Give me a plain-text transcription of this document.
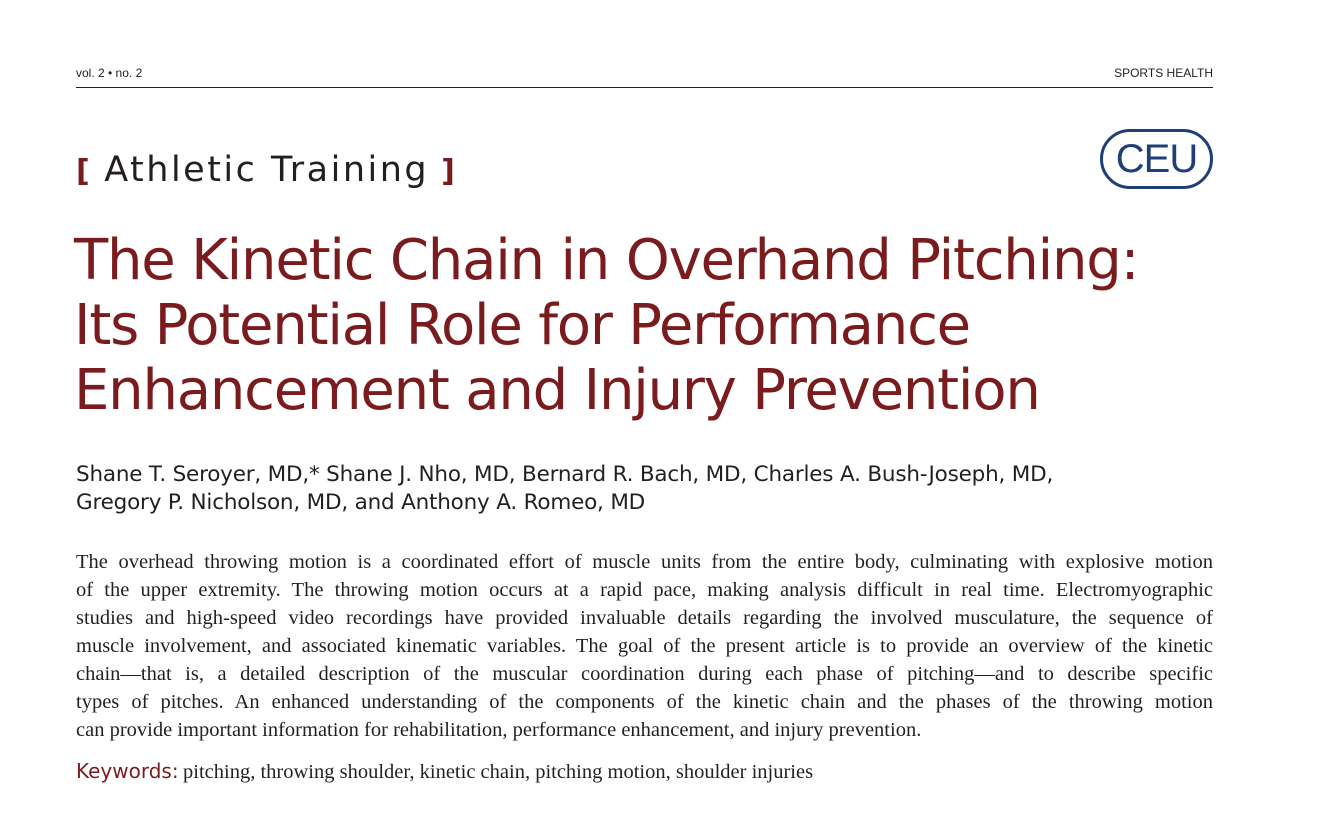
vol. 2 • no. 2	SPORTS HEALTH
[ Athletic Training ]	CEU
The Kinetic Chain in Overhand Pitching:
Its Potential Role for Performance
Enhancement and Injury Prevention
Shane T. Seroyer, MD,* Shane J. Nho, MD, Bernard R. Bach, MD, Charles A. Bush-Joseph, MD,
Gregory P. Nicholson, MD, and Anthony A. Romeo, MD
The overhead throwing motion is a coordinated effort of muscle units from the entire body, culminating with explosive motion
of the upper extremity. The throwing motion occurs at a rapid pace, making analysis difficult in real time. Electromyographic
studies and high-speed video recordings have provided invaluable details regarding the involved musculature, the sequence of
muscle involvement, and associated kinematic variables. The goal of the present article is to provide an overview of the kinetic
chain—that is, a detailed description of the muscular coordination during each phase of pitching—and to describe specific
types of pitches. An enhanced understanding of the components of the kinetic chain and the phases of the throwing motion
can provide important information for rehabilitation, performance enhancement, and injury prevention.
Keywords: pitching, throwing shoulder, kinetic chain, pitching motion, shoulder injuries
